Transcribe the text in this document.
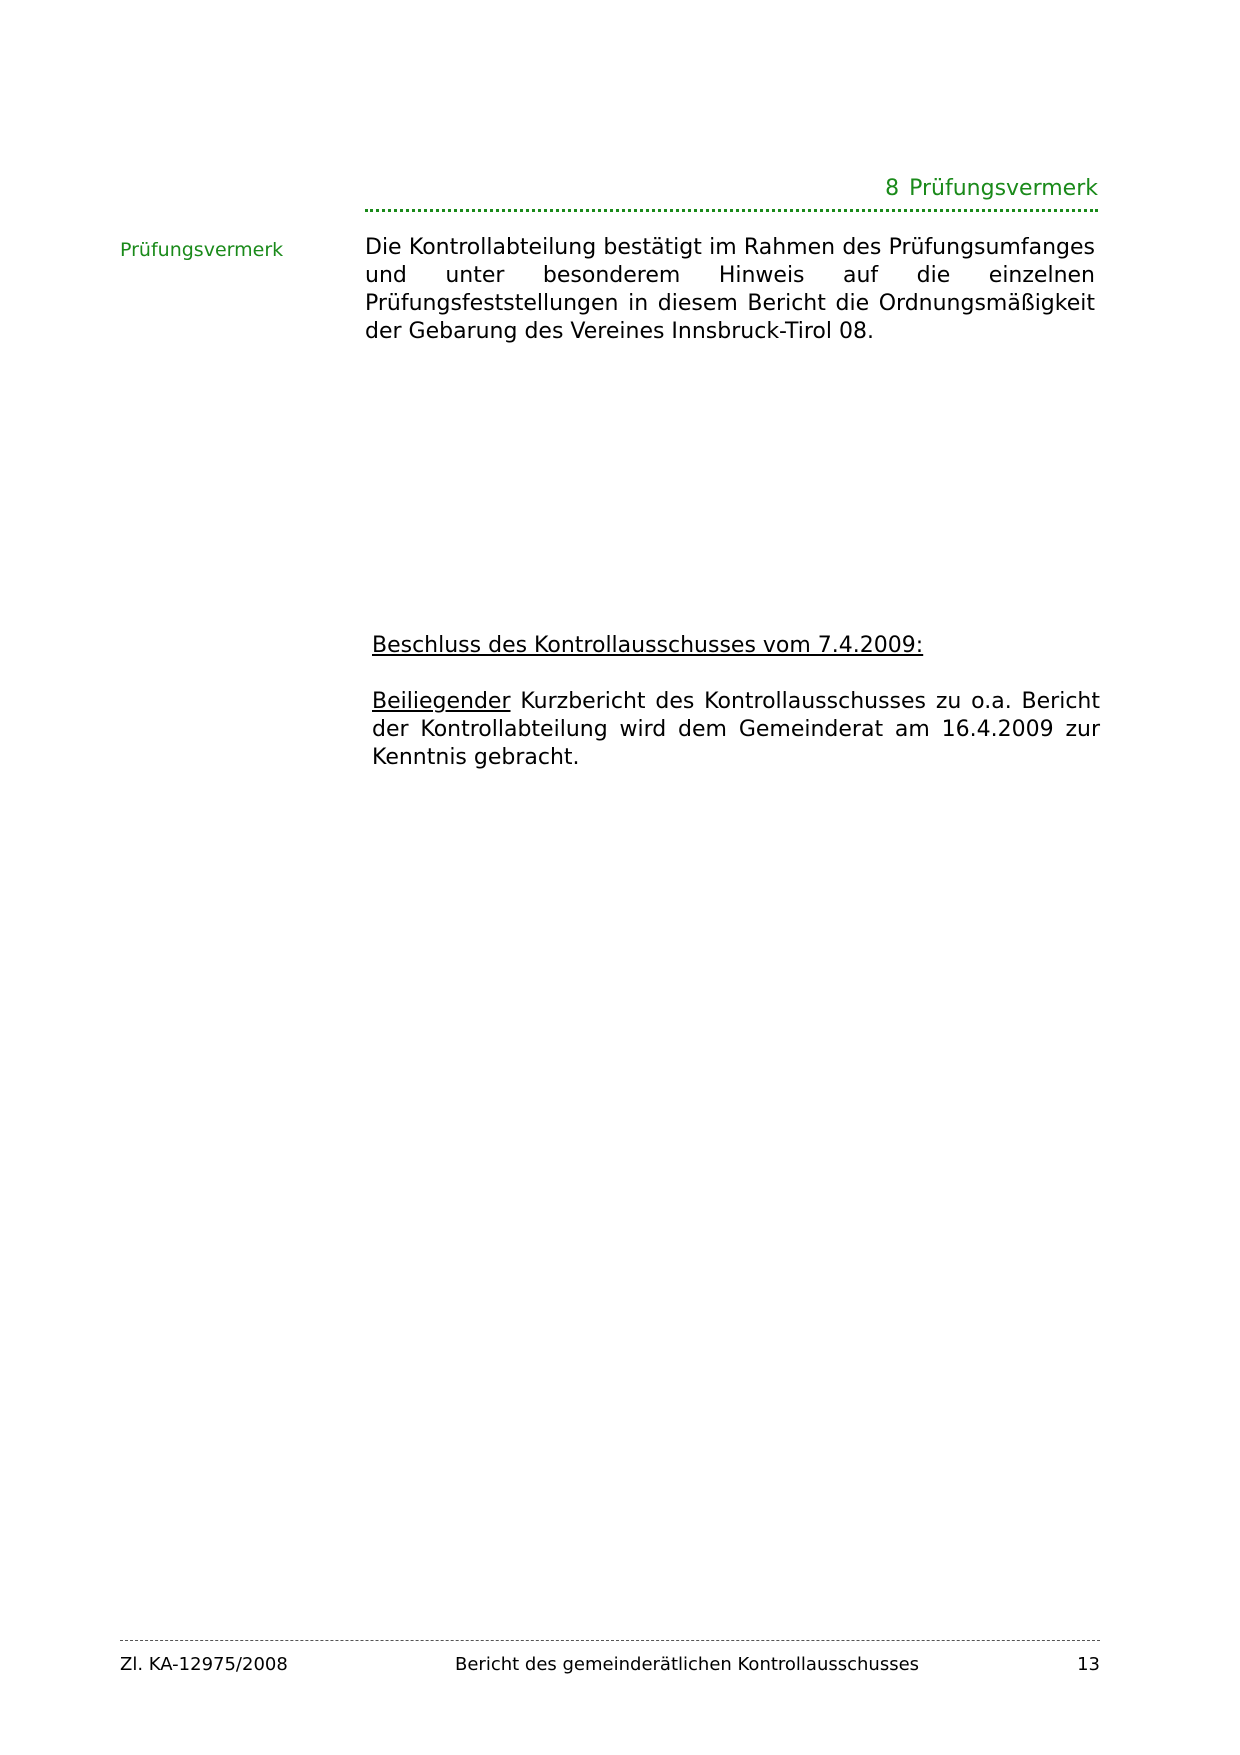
8 Prüfungsvermerk
Prüfungsvermerk	Die Kontrollabteilung bestätigt im Rahmen des Prüfungsumfanges und unter besonderem Hinweis auf die einzelnen Prüfungsfeststellungen in diesem Bericht die Ordnungsmäßigkeit der Gebarung des Vereines Innsbruck-Tirol 08.

Beschluss des Kontrollausschusses vom 7.4.2009:

Beiliegender Kurzbericht des Kontrollausschusses zu o.a. Bericht der Kontrollabteilung wird dem Gemeinderat am 16.4.2009 zur Kenntnis gebracht.

Zl. KA-12975/2008	Bericht des gemeinderätlichen Kontrollausschusses	13
